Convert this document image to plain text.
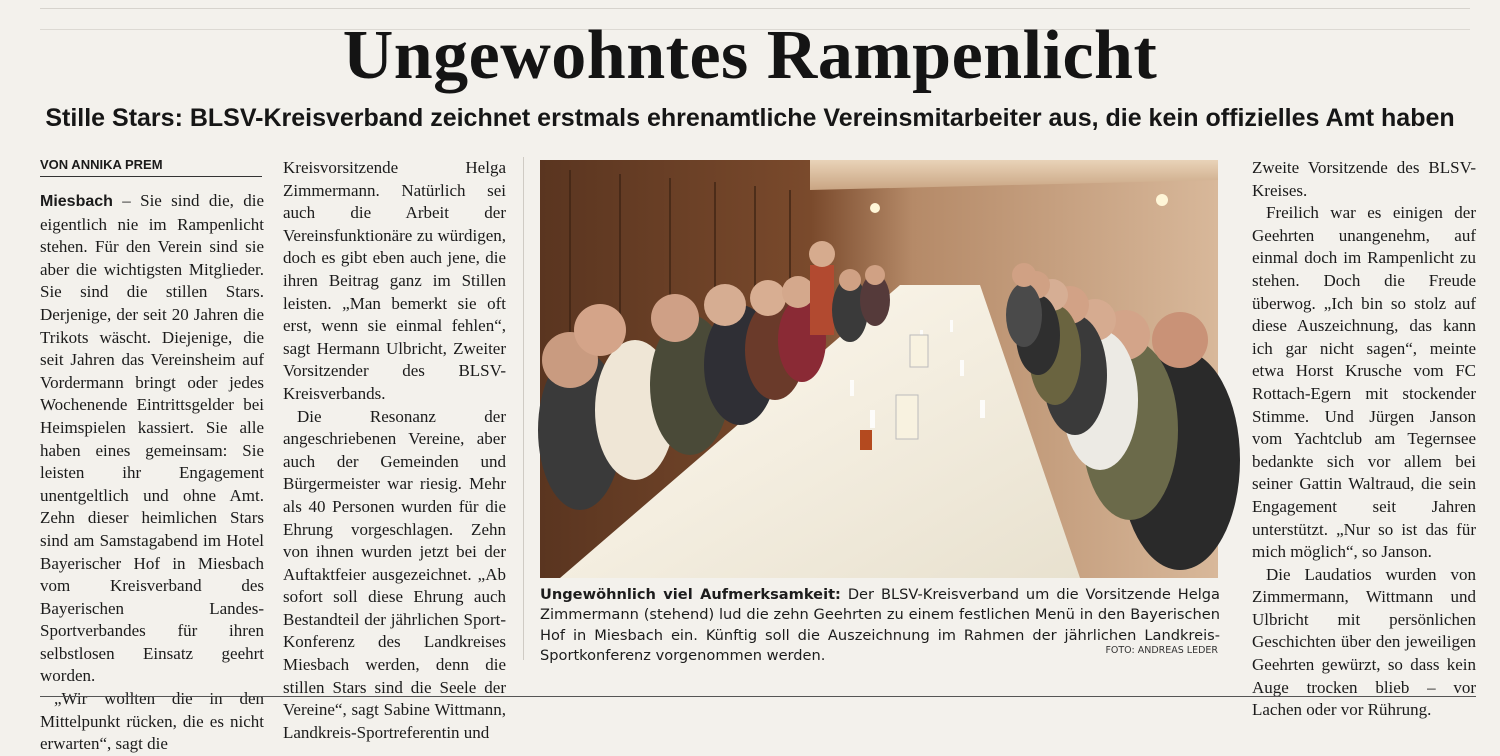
Ungewohntes Rampenlicht
Stille Stars: BLSV-Kreisverband zeichnet erstmals ehrenamtliche Vereinsmitarbeiter aus, die kein offizielles Amt haben
VON ANNIKA PREM

Miesbach – Sie sind die, die eigentlich nie im Rampenlicht stehen. Für den Verein sind sie aber die wichtigsten Mitglieder. Sie sind die stillen Stars. Derjenige, der seit 20 Jahren die Trikots wäscht. Diejenige, die seit Jahren das Vereinsheim auf Vordermann bringt oder jedes Wochenende Eintrittsgelder bei Heimspielen kassiert. Sie alle haben eines gemeinsam: Sie leisten ihr Engagement unentgeltlich und ohne Amt. Zehn dieser heimlichen Stars sind am Samstagabend im Hotel Bayerischer Hof in Miesbach vom Kreisverband des Bayerischen Landes-Sportverbandes für ihren selbstlosen Einsatz geehrt worden.

„Wir wollten die in den Mittelpunkt rücken, die es nicht erwarten“, sagt die

Kreisvorsitzende Helga Zimmermann. Natürlich sei auch die Arbeit der Vereinsfunktionäre zu würdigen, doch es gibt eben auch jene, die ihren Beitrag ganz im Stillen leisten. „Man bemerkt sie oft erst, wenn sie einmal fehlen“, sagt Hermann Ulbricht, Zweiter Vorsitzender des BLSV-Kreisverbands.

Die Resonanz der angeschriebenen Vereine, aber auch der Gemeinden und Bürgermeister war riesig. Mehr als 40 Personen wurden für die Ehrung vorgeschlagen. Zehn von ihnen wurden jetzt bei der Auftaktfeier ausgezeichnet. „Ab sofort soll diese Ehrung auch Bestandteil der jährlichen Sport-Konferenz des Landkreises Miesbach werden, denn die stillen Stars sind die Seele der Vereine“, sagt Sabine Wittmann, Landkreis-Sportreferentin und

Ungewöhnlich viel Aufmerksamkeit: Der BLSV-Kreisverband um die Vorsitzende Helga Zimmermann (stehend) lud die zehn Geehrten zu einem festlichen Menü in den Bayerischen Hof in Miesbach ein. Künftig soll die Auszeichnung im Rahmen der jährlichen Landkreis-Sportkonferenz vorgenommen werden.	FOTO: ANDREAS LEDER

Zweite Vorsitzende des BLSV-Kreises.

Freilich war es einigen der Geehrten unangenehm, auf einmal doch im Rampenlicht zu stehen. Doch die Freude überwog. „Ich bin so stolz auf diese Auszeichnung, das kann ich gar nicht sagen“, meinte etwa Horst Krusche vom FC Rottach-Egern mit stockender Stimme. Und Jürgen Janson vom Yachtclub am Tegernsee bedankte sich vor allem bei seiner Gattin Waltraud, die sein Engagement seit Jahren unterstützt. „Nur so ist das für mich möglich“, so Janson.

Die Laudatios wurden von Zimmermann, Wittmann und Ulbricht mit persönlichen Geschichten über den jeweiligen Geehrten gewürzt, so dass kein Auge trocken blieb – vor Lachen oder vor Rührung.
